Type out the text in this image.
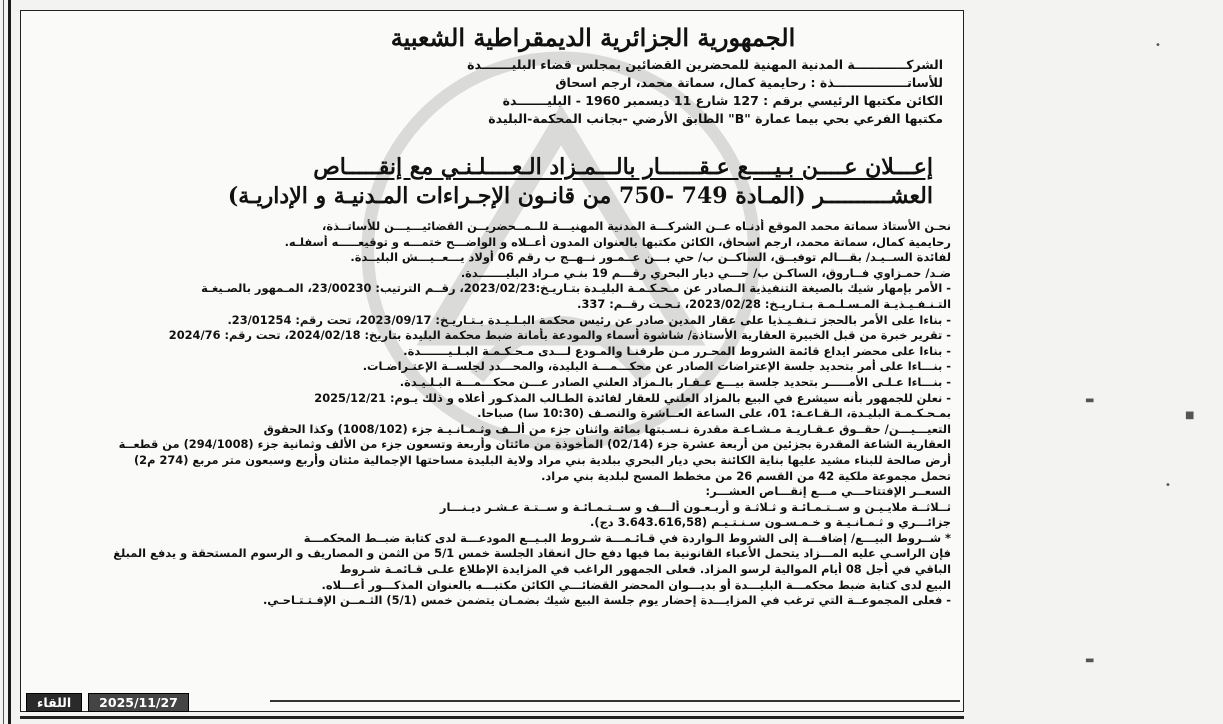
الجمهورية الجزائرية الديمقراطية الشعبية

الشركــــــــــــة المدنية المهنية للمحضرين القضائين بمجلس قضاء البليـــــــدة

للأساتـــــــــــــــــذة : رحايمية كمال، سماتة محمد، ارجم اسحاق

الكائن مكتبها الرئيسي برقم : 127 شارع 11 ديسمبر 1960 - البليـــــــدة

مكتبها الفرعي بحي بيما عمارة "B" الطابق الأرضي -بجانب المحكمة-البليدة

إعـــلان عــــن بـيــــع عـقــــــار بالـــمـزاد الـعــــلـنـي مع إنقـــــاص
العشــــــــــر (المـادة 749 -750 من قانـون الإجـراءات المـدنيـة و الإداريـة)

نحـن الأستاذ سماتة محمد الموقع أدنـاه عــن الشركـــة المدنية المهنيـــة للــمــحضريــن القضائيـــيـــن للأساتــذة،

رحايمية كمال، سماتة محمد، ارجم اسحاق، الكائن مكتبها بالعنوان المدون أعــلاه و الواضـــح ختمـــه و توقيعـــــه أسفلـه.

لفائدة الســيـد/ بقـــالم توفيــق، الساكــن ب/ حي بـــن عــمـور نــهــج ب رقم 06 أولاد يـــعــيـــش البليــدة.

ضـد/ حمـزاوي فــاروق، الساكـن ب/ حـــي ديار البحري رقـــم 19 بنـي مـراد البليـــــــدة.

- الأمر بإمهار شيك بالصيغة التنفيذية الـصادر عن مـحـكـمـة البليـدة بتـاريـخ:2023/02/23، رقــم الترتيب: 23/00230، المـمهور بالصـيغـة

التـنـفـيـذيـة المـسـلـمـة بـتـاريـخ: 2023/02/28، تـحـت رقــم: 337.

- بناءا على الأمر بالحجز تـنفـيـذيا على عقار المدين صادر عن رئيس محكمة البـلـيـدة بـتـاريـخ: 2023/09/17، تحت رقم: 23/01254.

- تقرير خبرة من قبل الخبيرة العقارية الأستاذة/ شاشوة أسماء والمودعة بأمانة ضبط محكمة البليدة بتاريخ: 2024/02/18، تحت رقم: 2024/76

- بناءا على محضر ايداع قائمة الشروط المحـرر مـن طرفنـا والمـودع لـــدى مـحـكـمـة البـلـيـــــــدة.

- بنـــاءا على أمر بتحديد جلسة الإعتراضات الصادر عن محكـــمـــة البليدة، والمحـــدد لجلســة الإعتـراضـات.

- بنـــاءا عـلـى الأمـــــر بتحديد جلسة بيـــع عـقـار بالـمزاد العلني الصادر عـــن محكـــمـــة البـلـيـدة.

- نعلن للجمهور بأنه سيشرع في البيع بالمزاد العلني للعقار لفائدة الطـالب المذكـور أعلاه و ذلك يـوم: 2025/12/21

بمـحـكـمـة البليـدة، الـقـاعـة: 01، على الساعة العــاشرة والنصـف (10:30 سا) صباحا.

التعيـــيـــن/ حقــوق عـقـاريـة مـشـاعـة مقدرة نـسـبتها بمائة واثنان جزء من ألــف وثـمـانـيـة جزء (1008/102) وكذا الحقوق

العقارية الشاعة المقدرة بجزئين من أربعة عشرة جزء (02/14) المأخوذة من مائتان وأربعة وتسعون جزء من الألف وثمانية جزء (294/1008) من قطعــة

أرض صالحة للبناء مشيد عليها بناية الكائنة بحي ديار البحري ببلدية بني مراد ولاية البليدة مساحتها الإجمالية مئتان وأربع وسبعون متر مربع (274 م2)

تحمل مجموعة ملكية 42 من القسم 26 من مخطط المسح لبلدية بني مراد.

السعــر الإفتتاحـــي مـــع إنقـــاص العشـــر:

ثــلاثــة ملايـيـن و ســتـمـائـة و ثـلاثـة و أربـعـون ألـــف و ســتـمـائـة و ســتـة عـشـر ديـنـــار

جزائـــري و ثـمـانـيـة و خـمـسـون سـنـتـيـم (3.643.616,58 دج).

* شــروط البيـــع/ إضافـــة إلى الشروط الـواردة في قـائـمـــة شـروط البـيــع المودعـــة لدى كتابة ضبــط المحكمـــة

فإن الراسـي عليه المـــزاد يتحمل الأعباء القانونية بما فيها دفع حال انعقاد الجلسة خمس 5/1 من الثمن و المصاريف و الرسوم المستحقة و يدفع المبلغ

الباقي في أجل 08 أيام الموالية لرسو المزاد. فعلى الجمهور الراغب في المزايدة الإطلاع علـى قـائمـة شـروط

البيع لدى كتابة ضبط محكمـــة البليـــدة أو بديـــوان المحضر القضائـــي الكائن مكتبـــه بالعنوان المذكـــور أعـــلاه.

- فعلى المجموعــة التي ترغب في المزايـــدة إحضار يوم جلسة البيع شيك بضمـان يتضمن خمس (5/1) الثـمــن الإفـتـتـاحـي.

اللقاء	2025/11/27
•
▬
■
•
▬
